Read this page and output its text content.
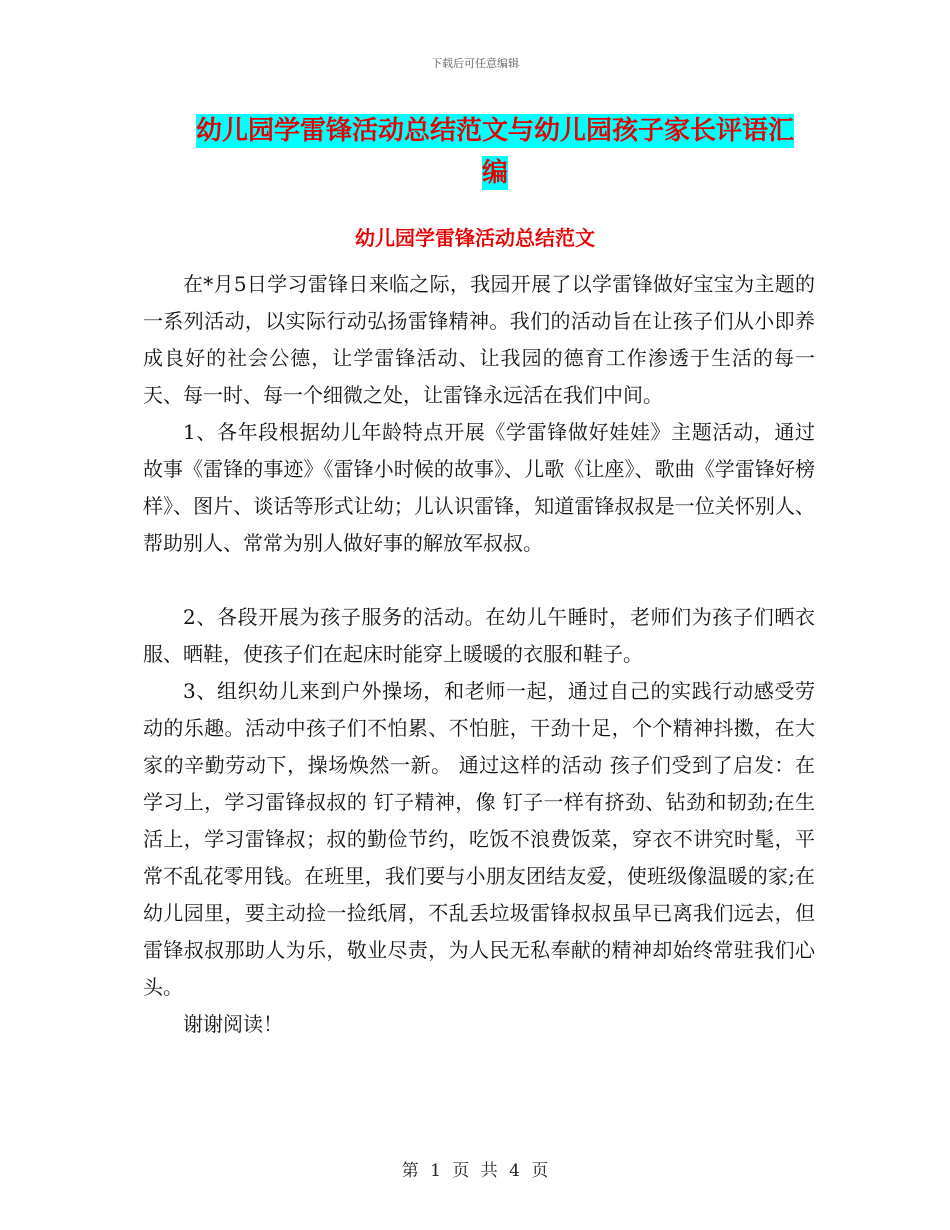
下载后可任意编辑
幼儿园学雷锋活动总结范文与幼儿园孩子家长评语汇编
幼儿园学雷锋活动总结范文

在*月5日学习雷锋日来临之际，我园开展了以学雷锋做好宝宝为主题的一系列活动，以实际行动弘扬雷锋精神。我们的活动旨在让孩子们从小即养成良好的社会公德，让学雷锋活动、让我园的德育工作渗透于生活的每一天、每一时、每一个细微之处，让雷锋永远活在我们中间。

1、各年段根据幼儿年龄特点开展《学雷锋做好娃娃》主题活动，通过故事《雷锋的事迹》《雷锋小时候的故事》、儿歌《让座》、歌曲《学雷锋好榜样》、图片、谈话等形式让幼；儿认识雷锋，知道雷锋叔叔是一位关怀别人、帮助别人、常常为别人做好事的解放军叔叔。

2、各段开展为孩子服务的活动。在幼儿午睡时，老师们为孩子们晒衣服、晒鞋，使孩子们在起床时能穿上暖暖的衣服和鞋子。

3、组织幼儿来到户外操场，和老师一起，通过自己的实践行动感受劳动的乐趣。活动中孩子们不怕累、不怕脏，干劲十足，个个精神抖擞，在大家的辛勤劳动下，操场焕然一新。 通过这样的活动 孩子们受到了启发：在学习上，学习雷锋叔叔的 钉子精神，像 钉子一样有挤劲、钻劲和韧劲;在生活上，学习雷锋叔；叔的勤俭节约，吃饭不浪费饭菜，穿衣不讲究时髦，平常不乱花零用钱。在班里，我们要与小朋友团结友爱，使班级像温暖的家;在幼儿园里，要主动捡一捡纸屑，不乱丢垃圾雷锋叔叔虽早已离我们远去，但雷锋叔叔那助人为乐，敬业尽责，为人民无私奉献的精神却始终常驻我们心头。

谢谢阅读！

第 1 页 共 4 页
